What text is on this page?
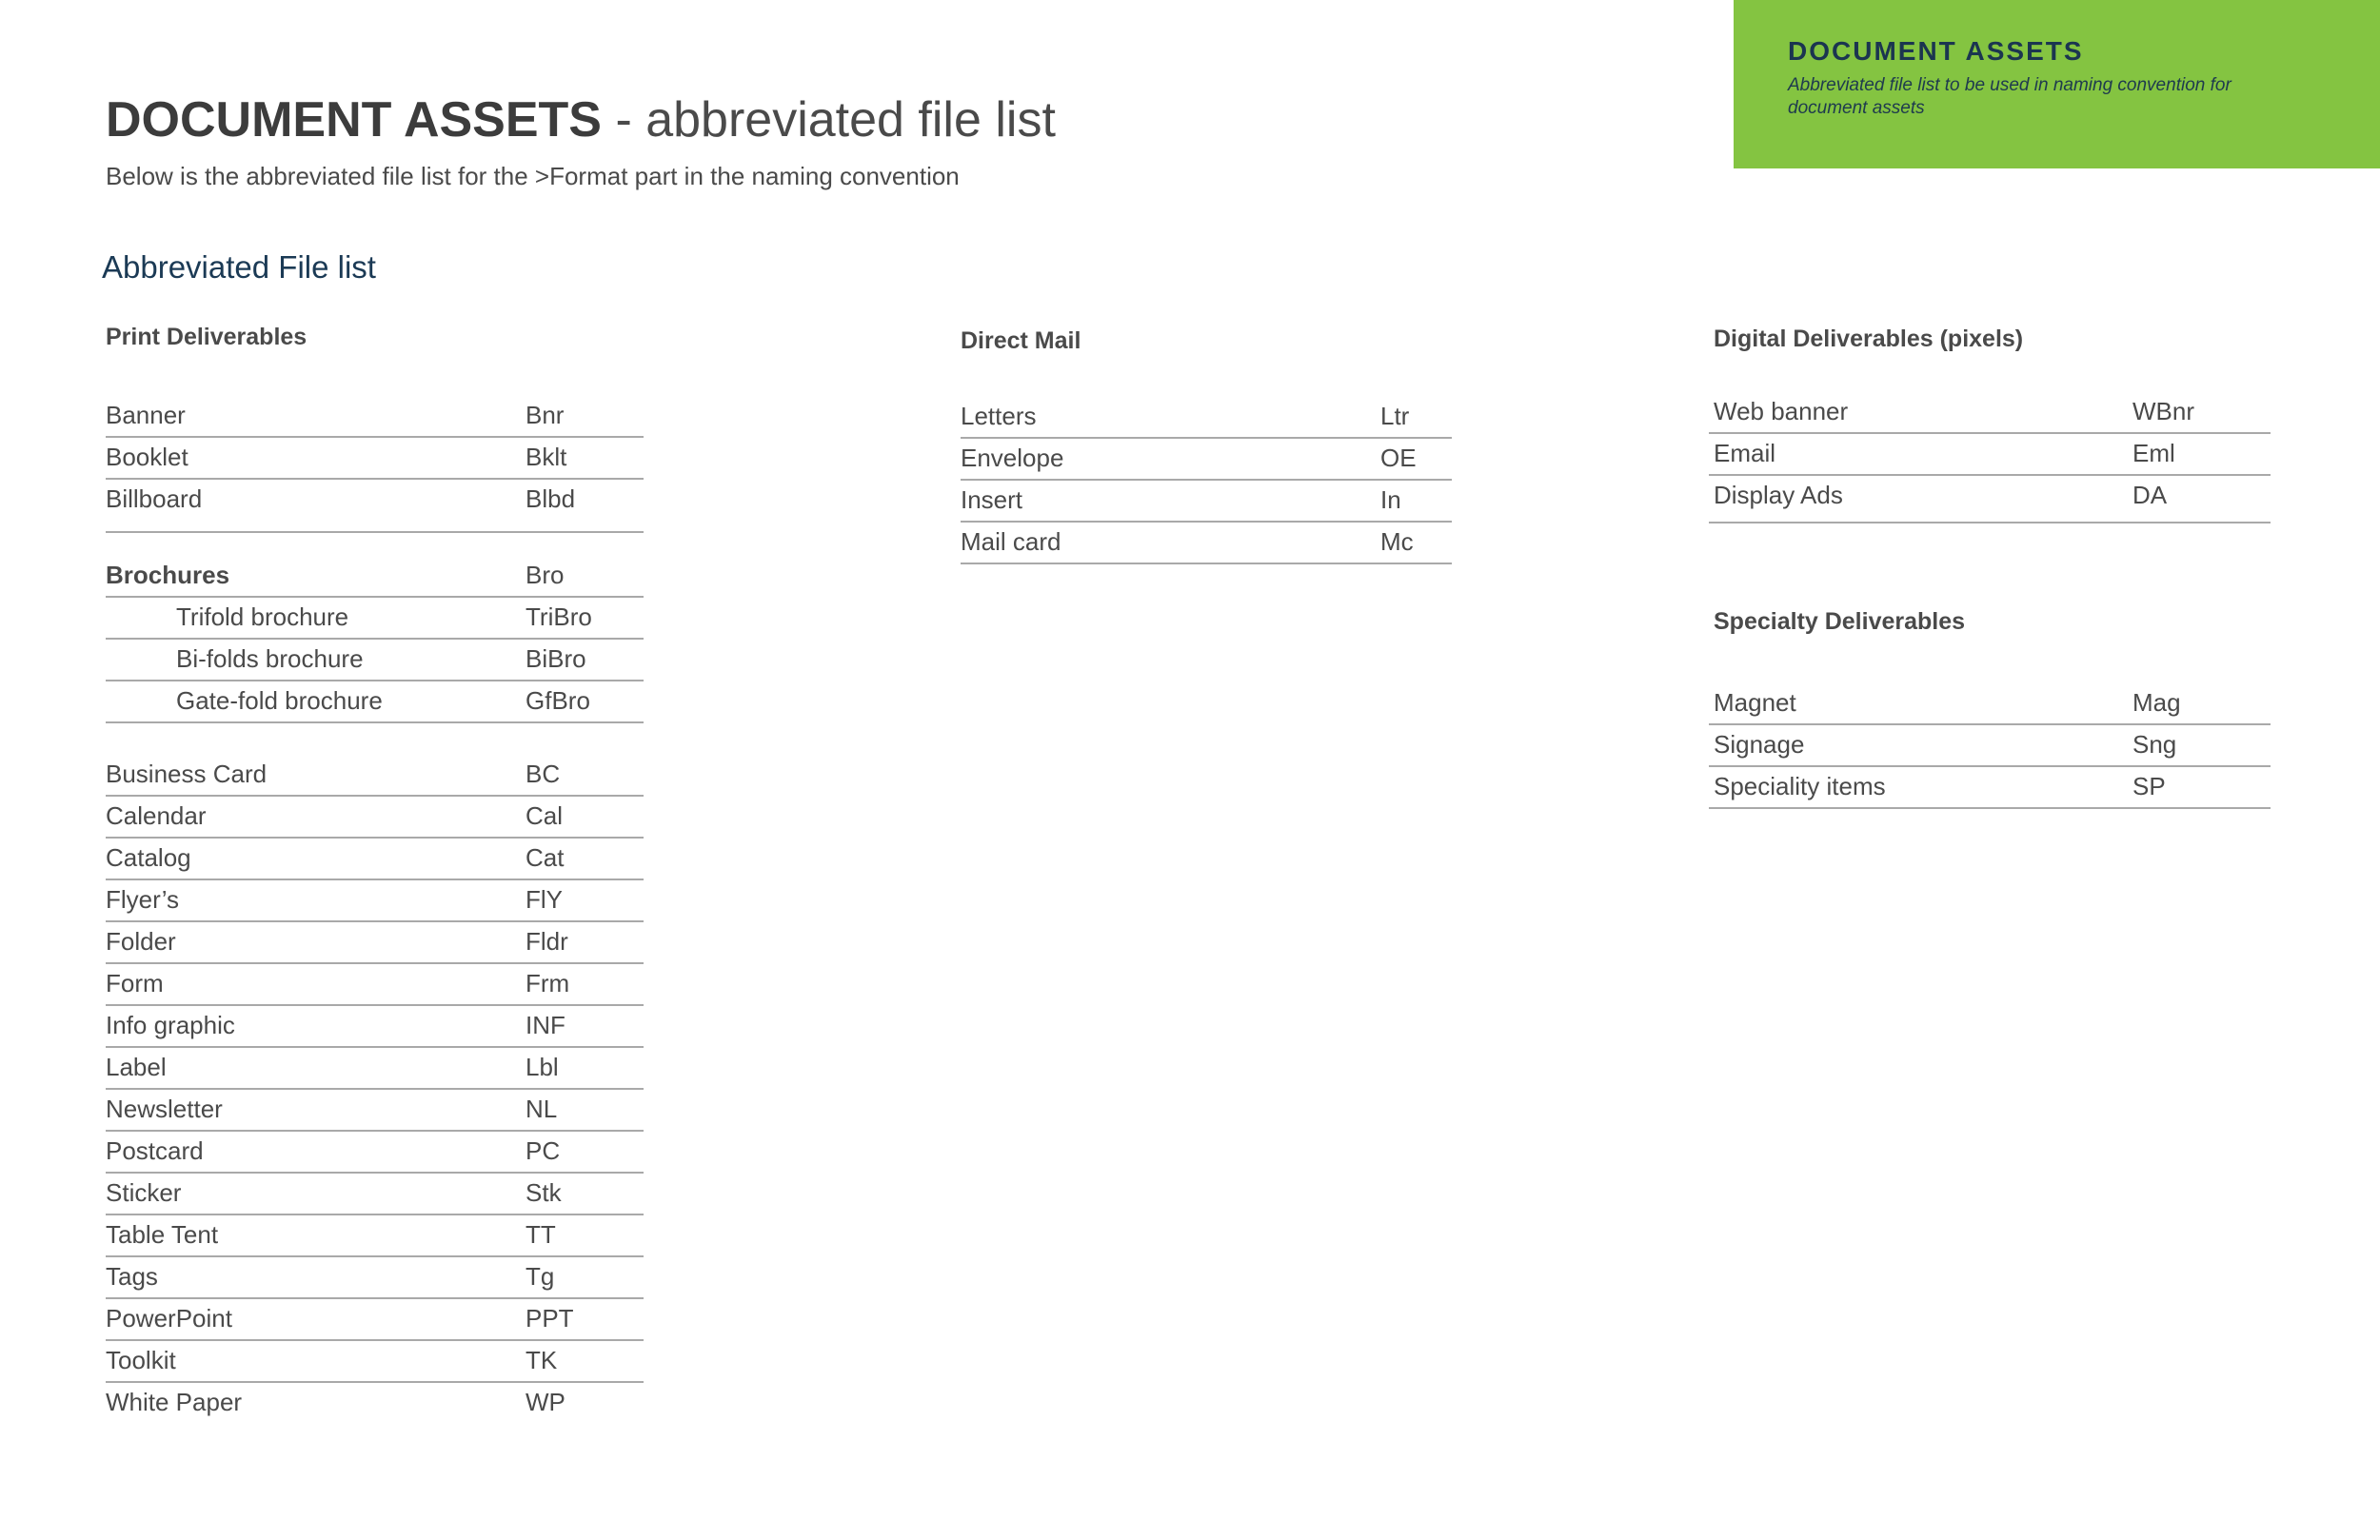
DOCUMENT ASSETS
Abbreviated file list to be used in naming convention for document assets
DOCUMENT ASSETS - abbreviated file list
Below is the abbreviated file list for the >Format part in the naming convention
Abbreviated File list
Print Deliverables
Banner	Bnr
Booklet	Bklt
Billboard	Blbd
Brochures	Bro
Trifold brochure	TriBro
Bi-folds brochure	BiBro
Gate-fold brochure	GfBro
Business Card	BC
Calendar	Cal
Catalog	Cat
Flyer’s	FlY
Folder	Fldr
Form	Frm
Info graphic	INF
Label	Lbl
Newsletter	NL
Postcard	PC
Sticker	Stk
Table Tent	TT
Tags	Tg
PowerPoint	PPT
Toolkit	TK
White Paper	WP
Direct Mail
Letters	Ltr
Envelope	OE
Insert	In
Mail card	Mc
Digital Deliverables (pixels)
Web banner	WBnr
Email	Eml
Display Ads	DA
Specialty Deliverables
Magnet	Mag
Signage	Sng
Speciality items	SP
